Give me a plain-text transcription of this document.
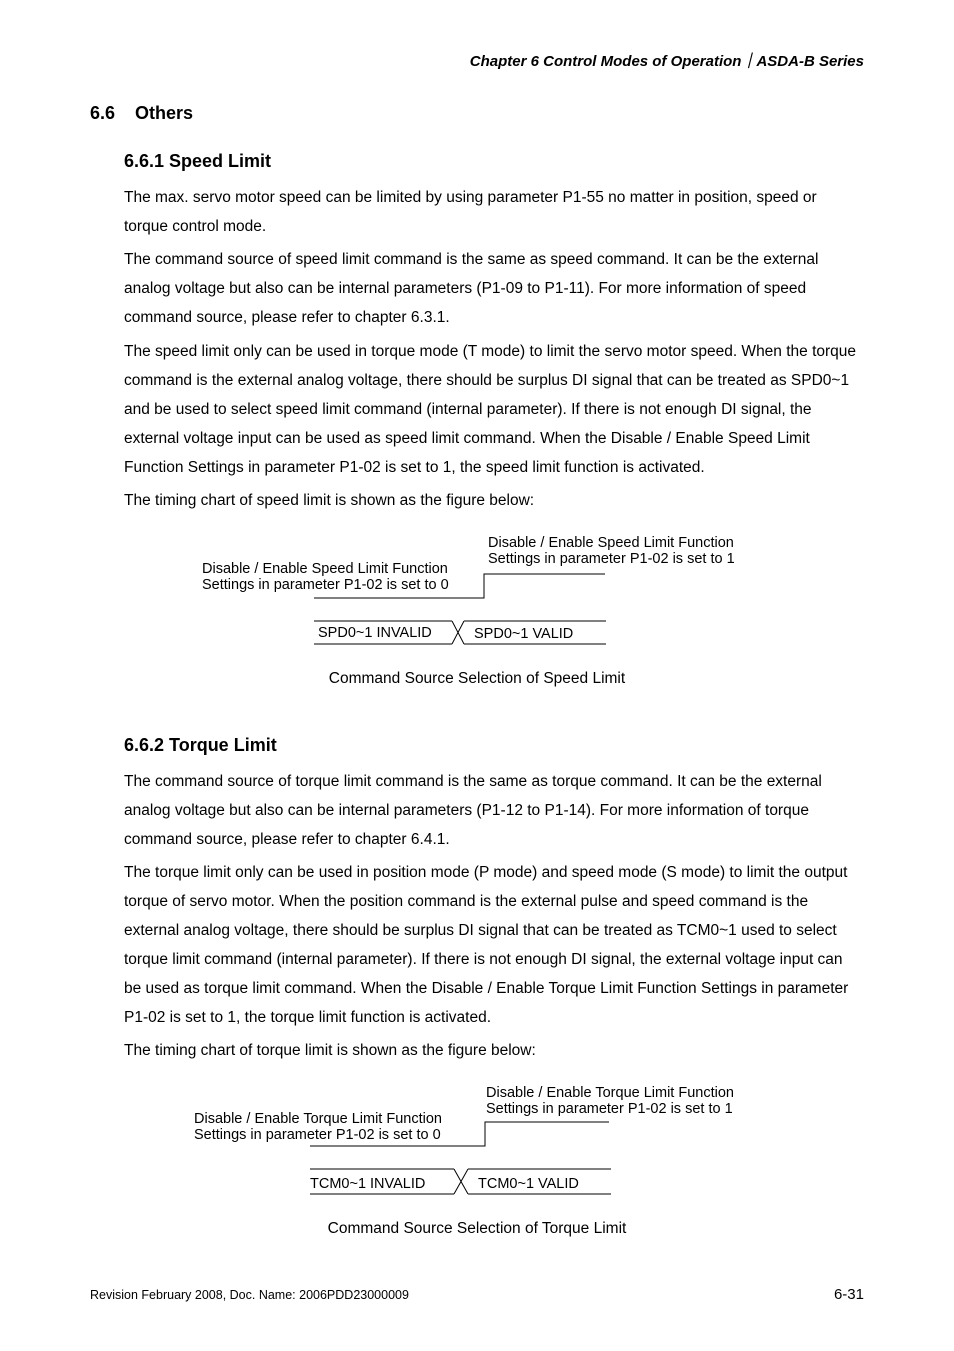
Chapter 6 Control Modes of Operation｜ASDA-B Series
6.6    Others
6.6.1 Speed Limit

The max. servo motor speed can be limited by using parameter P1-55 no matter in position, speed or torque control mode.

The command source of speed limit command is the same as speed command. It can be the external analog voltage but also can be internal parameters (P1-09 to P1-11). For more information of speed command source, please refer to chapter 6.3.1.

The speed limit only can be used in torque mode (T mode) to limit the servo motor speed. When the torque command is the external analog voltage, there should be surplus DI signal that can be treated as SPD0~1 and be used to select speed limit command (internal parameter). If there is not enough DI signal, the external voltage input can be used as speed limit command. When the Disable / Enable Speed Limit Function Settings in parameter P1-02 is set to 1, the speed limit function is activated.

The timing chart of speed limit is shown as the figure below:

Disable / Enable Speed Limit Function
Settings in parameter P1-02 is set to 1
Disable / Enable Speed Limit Function
Settings in parameter P1-02 is set to 0
SPD0~1 INVALID	SPD0~1 VALID
Command Source Selection of Speed Limit
6.6.2 Torque Limit

The command source of torque limit command is the same as torque command. It can be the external analog voltage but also can be internal parameters (P1-12 to P1-14). For more information of torque command source, please refer to chapter 6.4.1.

The torque limit only can be used in position mode (P mode) and speed mode (S mode) to limit the output torque of servo motor. When the position command is the external pulse and speed command is the external analog voltage, there should be surplus DI signal that can be treated as TCM0~1 used to select torque limit command (internal parameter). If there is not enough DI signal, the external voltage input can be used as torque limit command. When the Disable / Enable Torque Limit Function Settings in parameter P1-02 is set to 1, the torque limit function is activated.

The timing chart of torque limit is shown as the figure below:

Disable / Enable Torque Limit Function
Settings in parameter P1-02 is set to 1
Disable / Enable Torque Limit Function
Settings in parameter P1-02 is set to 0
TCM0~1 INVALID	TCM0~1 VALID
Command Source Selection of Torque Limit
Revision February 2008, Doc. Name: 2006PDD23000009	6-31
